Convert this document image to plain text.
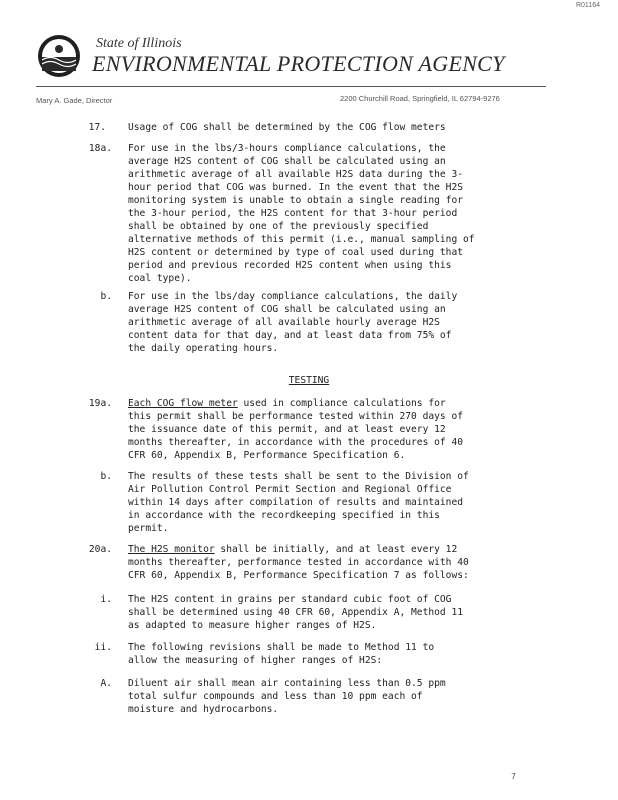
R01164
State of Illinois
ENVIRONMENTAL PROTECTION AGENCY
Mary A. Gade, Director	2200 Churchill Road, Springfield, IL 62794-9276
17. Usage of COG shall be determined by the COG flow meters

18a. For use in the lbs/3-hours compliance calculations, the
average H2S content of COG shall be calculated using an
arithmetic average of all available H2S data during the 3-
hour period that COG was burned. In the event that the H2S
monitoring system is unable to obtain a single reading for
the 3-hour period, the H2S content for that 3-hour period
shall be obtained by one of the previously specified
alternative methods of this permit (i.e., manual sampling of
H2S content or determined by type of coal used during that
period and previous recorded H2S content when using this
coal type).

b. For use in the lbs/day compliance calculations, the daily
average H2S content of COG shall be calculated using an
arithmetic average of all available hourly average H2S
content data for that day, and at least data from 75% of
the daily operating hours.

TESTING
19a. Each COG flow meter used in compliance calculations for
this permit shall be performance tested within 270 days of
the issuance date of this permit, and at least every 12
months thereafter, in accordance with the procedures of 40
CFR 60, Appendix B, Performance Specification 6.

b. The results of these tests shall be sent to the Division of
Air Pollution Control Permit Section and Regional Office
within 14 days after compilation of results and maintained
in accordance with the recordkeeping specified in this
permit.

20a. The H2S monitor shall be initially, and at least every 12
months thereafter, performance tested in accordance with 40
CFR 60, Appendix B, Performance Specification 7 as follows:

i. The H2S content in grains per standard cubic foot of COG
shall be determined using 40 CFR 60, Appendix A, Method 11
as adapted to measure higher ranges of H2S.

ii. The following revisions shall be made to Method 11 to
allow the measuring of higher ranges of H2S:

A. Diluent air shall mean air containing less than 0.5 ppm
total sulfur compounds and less than 10 ppm each of
moisture and hydrocarbons.

7
